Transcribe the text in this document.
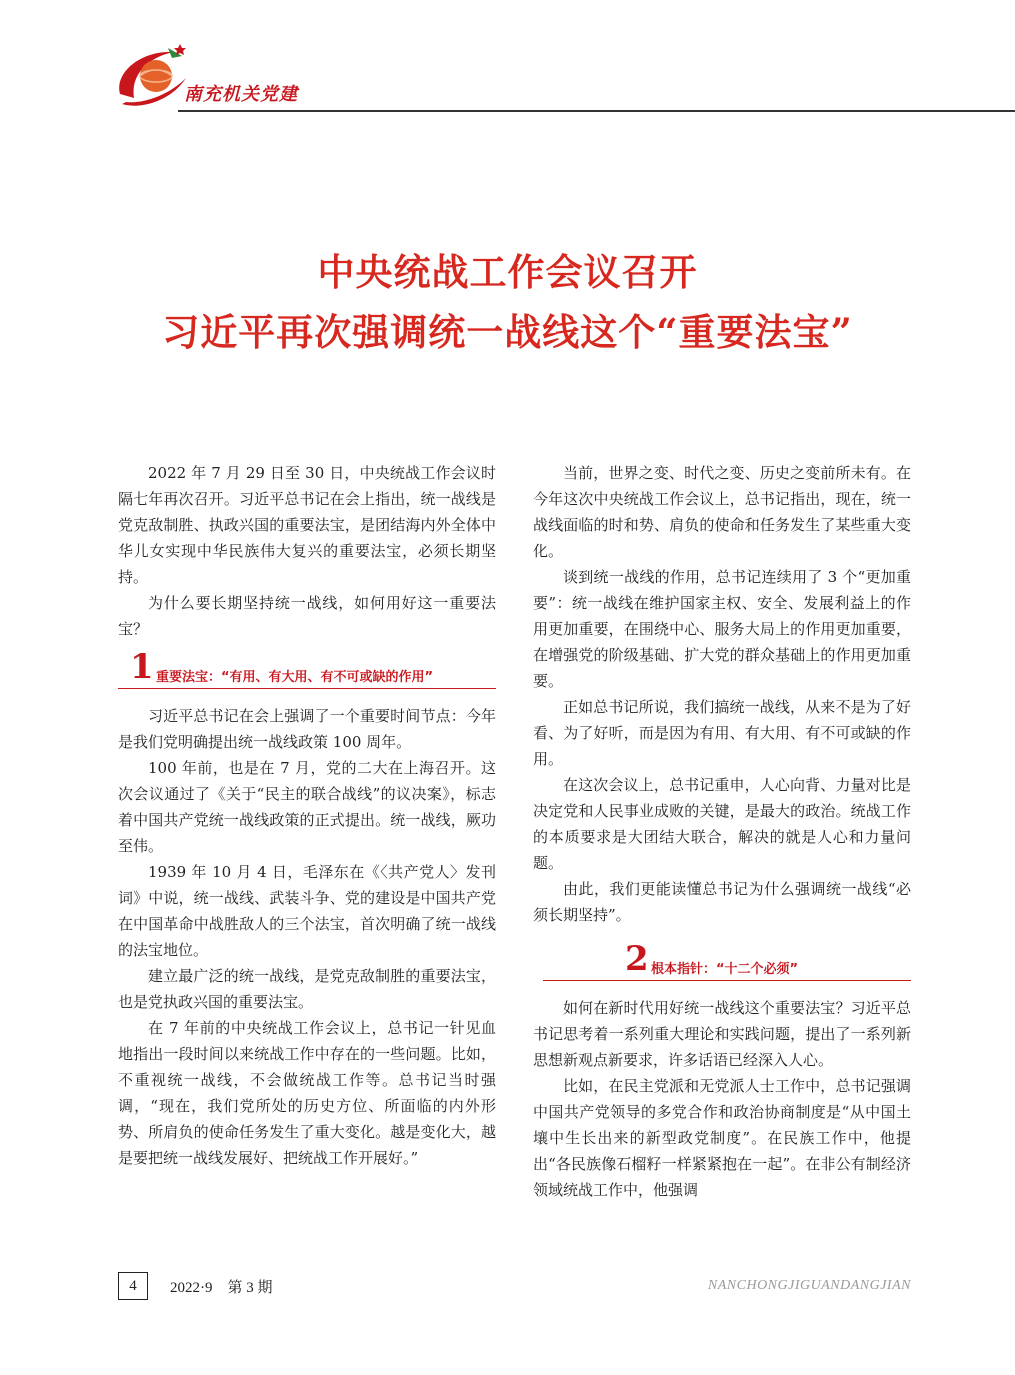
南充机关党建
中央统战工作会议召开
习近平再次强调统一战线这个“重要法宝”

2022 年 7 月 29 日至 30 日，中央统战工作会议时隔七年再次召开。习近平总书记在会上指出，统一战线是党克敌制胜、执政兴国的重要法宝，是团结海内外全体中华儿女实现中华民族伟大复兴的重要法宝，必须长期坚持。

为什么要长期坚持统一战线，如何用好这一重要法宝？

1 重要法宝：“有用、有大用、有不可或缺的作用”

习近平总书记在会上强调了一个重要时间节点：今年是我们党明确提出统一战线政策 100 周年。

100 年前，也是在 7 月，党的二大在上海召开。这次会议通过了《关于“民主的联合战线”的议决案》，标志着中国共产党统一战线政策的正式提出。统一战线，厥功至伟。

1939 年 10 月 4 日，毛泽东在《〈共产党人〉发刊词》中说，统一战线、武装斗争、党的建设是中国共产党在中国革命中战胜敌人的三个法宝，首次明确了统一战线的法宝地位。

建立最广泛的统一战线，是党克敌制胜的重要法宝，也是党执政兴国的重要法宝。

在 7 年前的中央统战工作会议上，总书记一针见血地指出一段时间以来统战工作中存在的一些问题。比如，不重视统一战线，不会做统战工作等。总书记当时强调，“现在，我们党所处的历史方位、所面临的内外形势、所肩负的使命任务发生了重大变化。越是变化大，越是要把统一战线发展好、把统战工作开展好。”

当前，世界之变、时代之变、历史之变前所未有。在今年这次中央统战工作会议上，总书记指出，现在，统一战线面临的时和势、肩负的使命和任务发生了某些重大变化。

谈到统一战线的作用，总书记连续用了 3 个“更加重要”：统一战线在维护国家主权、安全、发展利益上的作用更加重要，在围绕中心、服务大局上的作用更加重要，在增强党的阶级基础、扩大党的群众基础上的作用更加重要。

正如总书记所说，我们搞统一战线，从来不是为了好看、为了好听，而是因为有用、有大用、有不可或缺的作用。

在这次会议上，总书记重申，人心向背、力量对比是决定党和人民事业成败的关键，是最大的政治。统战工作的本质要求是大团结大联合，解决的就是人心和力量问题。

由此，我们更能读懂总书记为什么强调统一战线“必须长期坚持”。

2 根本指针：“十二个必须”

如何在新时代用好统一战线这个重要法宝？习近平总书记思考着一系列重大理论和实践问题，提出了一系列新思想新观点新要求，许多话语已经深入人心。

比如，在民主党派和无党派人士工作中，总书记强调中国共产党领导的多党合作和政治协商制度是“从中国土壤中生长出来的新型政党制度”。在民族工作中，他提出“各民族像石榴籽一样紧紧抱在一起”。在非公有制经济领域统战工作中，他强调

4	2022·9　第 3 期	NANCHONGJIGUANDANGJIAN
